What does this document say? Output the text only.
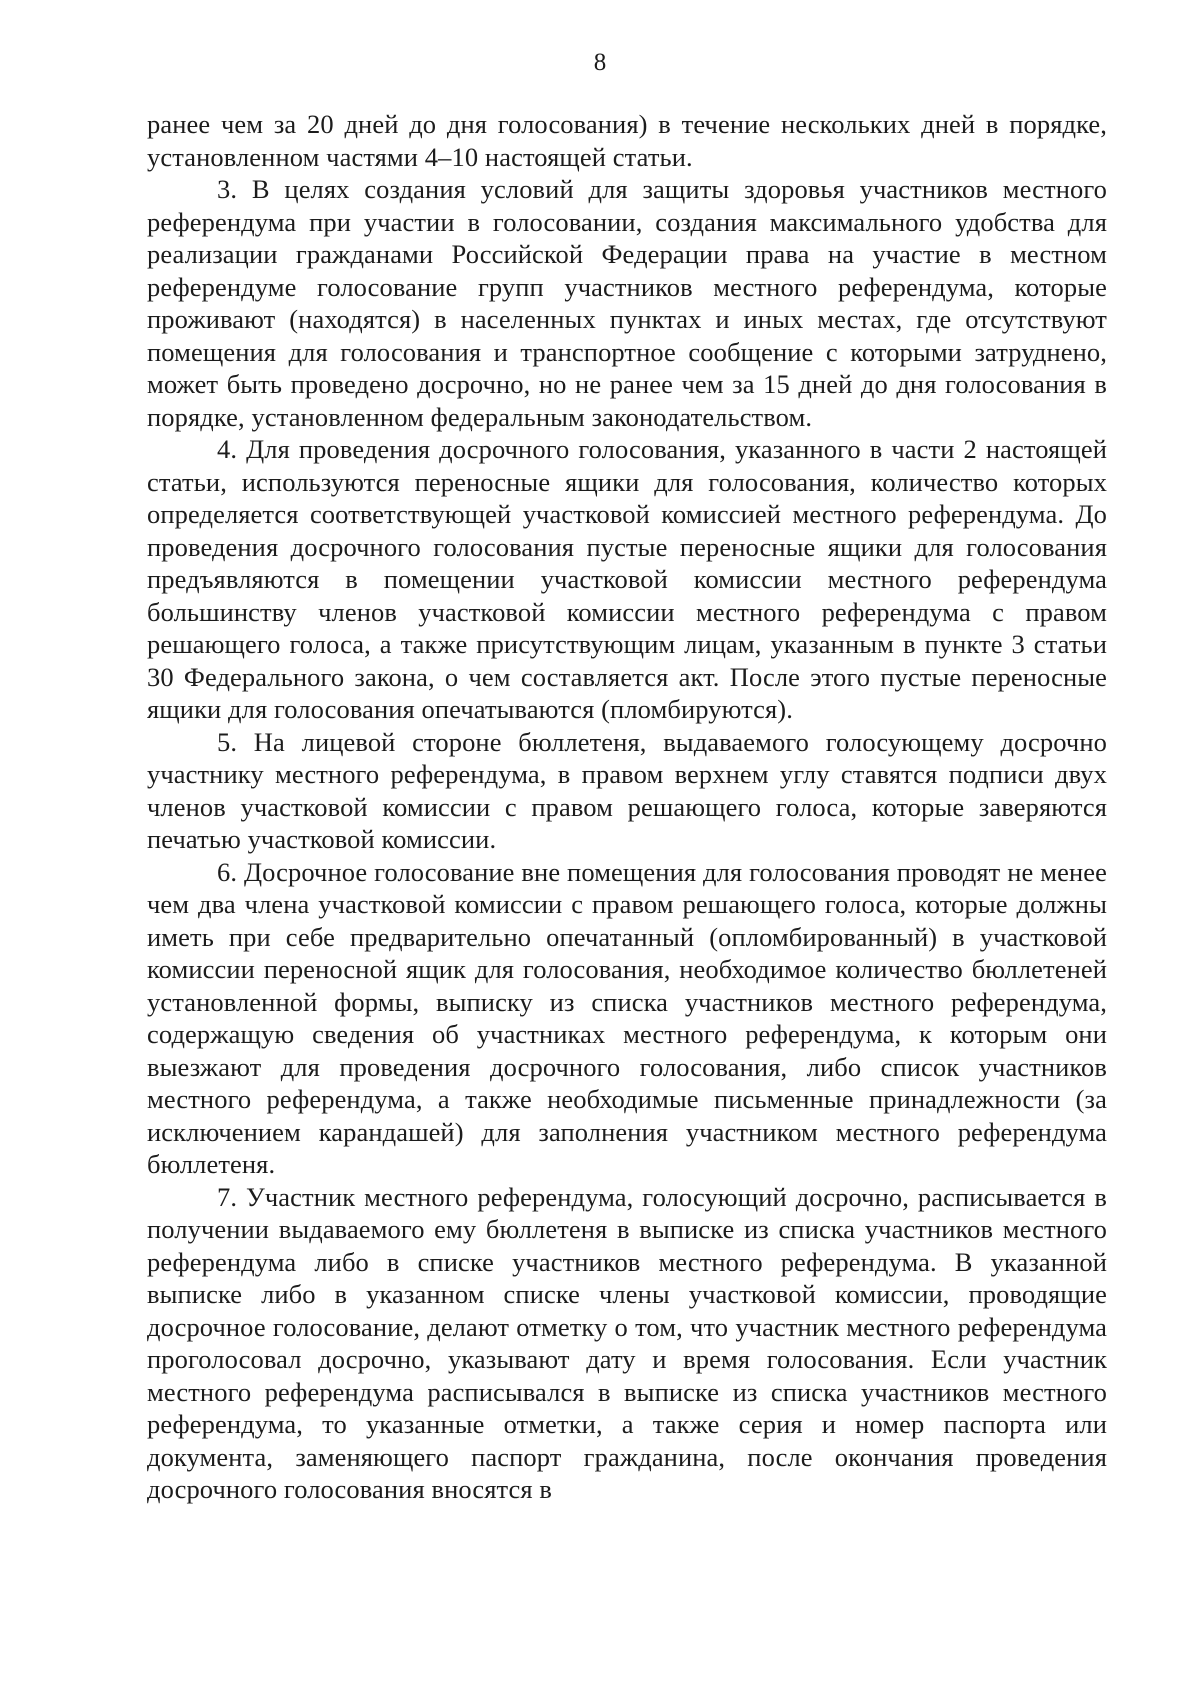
8

ранее чем за 20 дней до дня голосования) в течение нескольких дней в порядке, установленном частями 4–10 настоящей статьи.

3. В целях создания условий для защиты здоровья участников местного референдума при участии в голосовании, создания максимального удобства для реализации гражданами Российской Федерации права на участие в местном референдуме голосование групп участников местного референдума, которые проживают (находятся) в населенных пунктах и иных местах, где отсутствуют помещения для голосования и транспортное сообщение с которыми затруднено, может быть проведено досрочно, но не ранее чем за 15 дней до дня голосования в порядке, установленном федеральным законодательством.

4. Для проведения досрочного голосования, указанного в части 2 настоящей статьи, используются переносные ящики для голосования, количество которых определяется соответствующей участковой комиссией местного референдума. До проведения досрочного голосования пустые переносные ящики для голосования предъявляются в помещении участковой комиссии местного референдума большинству членов участковой комиссии местного референдума с правом решающего голоса, а также присутствующим лицам, указанным в пункте 3 статьи 30 Федерального закона, о чем составляется акт. После этого пустые переносные ящики для голосования опечатываются (пломбируются).

5. На лицевой стороне бюллетеня, выдаваемого голосующему досрочно участнику местного референдума, в правом верхнем углу ставятся подписи двух членов участковой комиссии с правом решающего голоса, которые заверяются печатью участковой комиссии.

6. Досрочное голосование вне помещения для голосования проводят не менее чем два члена участковой комиссии с правом решающего голоса, которые должны иметь при себе предварительно опечатанный (опломбированный) в участковой комиссии переносной ящик для голосования, необходимое количество бюллетеней установленной формы, выписку из списка участников местного референдума, содержащую сведения об участниках местного референдума, к которым они выезжают для проведения досрочного голосования, либо список участников местного референдума, а также необходимые письменные принадлежности (за исключением карандашей) для заполнения участником местного референдума бюллетеня.

7. Участник местного референдума, голосующий досрочно, расписывается в получении выдаваемого ему бюллетеня в выписке из списка участников местного референдума либо в списке участников местного референдума. В указанной выписке либо в указанном списке члены участковой комиссии, проводящие досрочное голосование, делают отметку о том, что участник местного референдума проголосовал досрочно, указывают дату и время голосования. Если участник местного референдума расписывался в выписке из списка участников местного референдума, то указанные отметки, а также серия и номер паспорта или документа, заменяющего паспорт гражданина, после окончания проведения досрочного голосования вносятся в
